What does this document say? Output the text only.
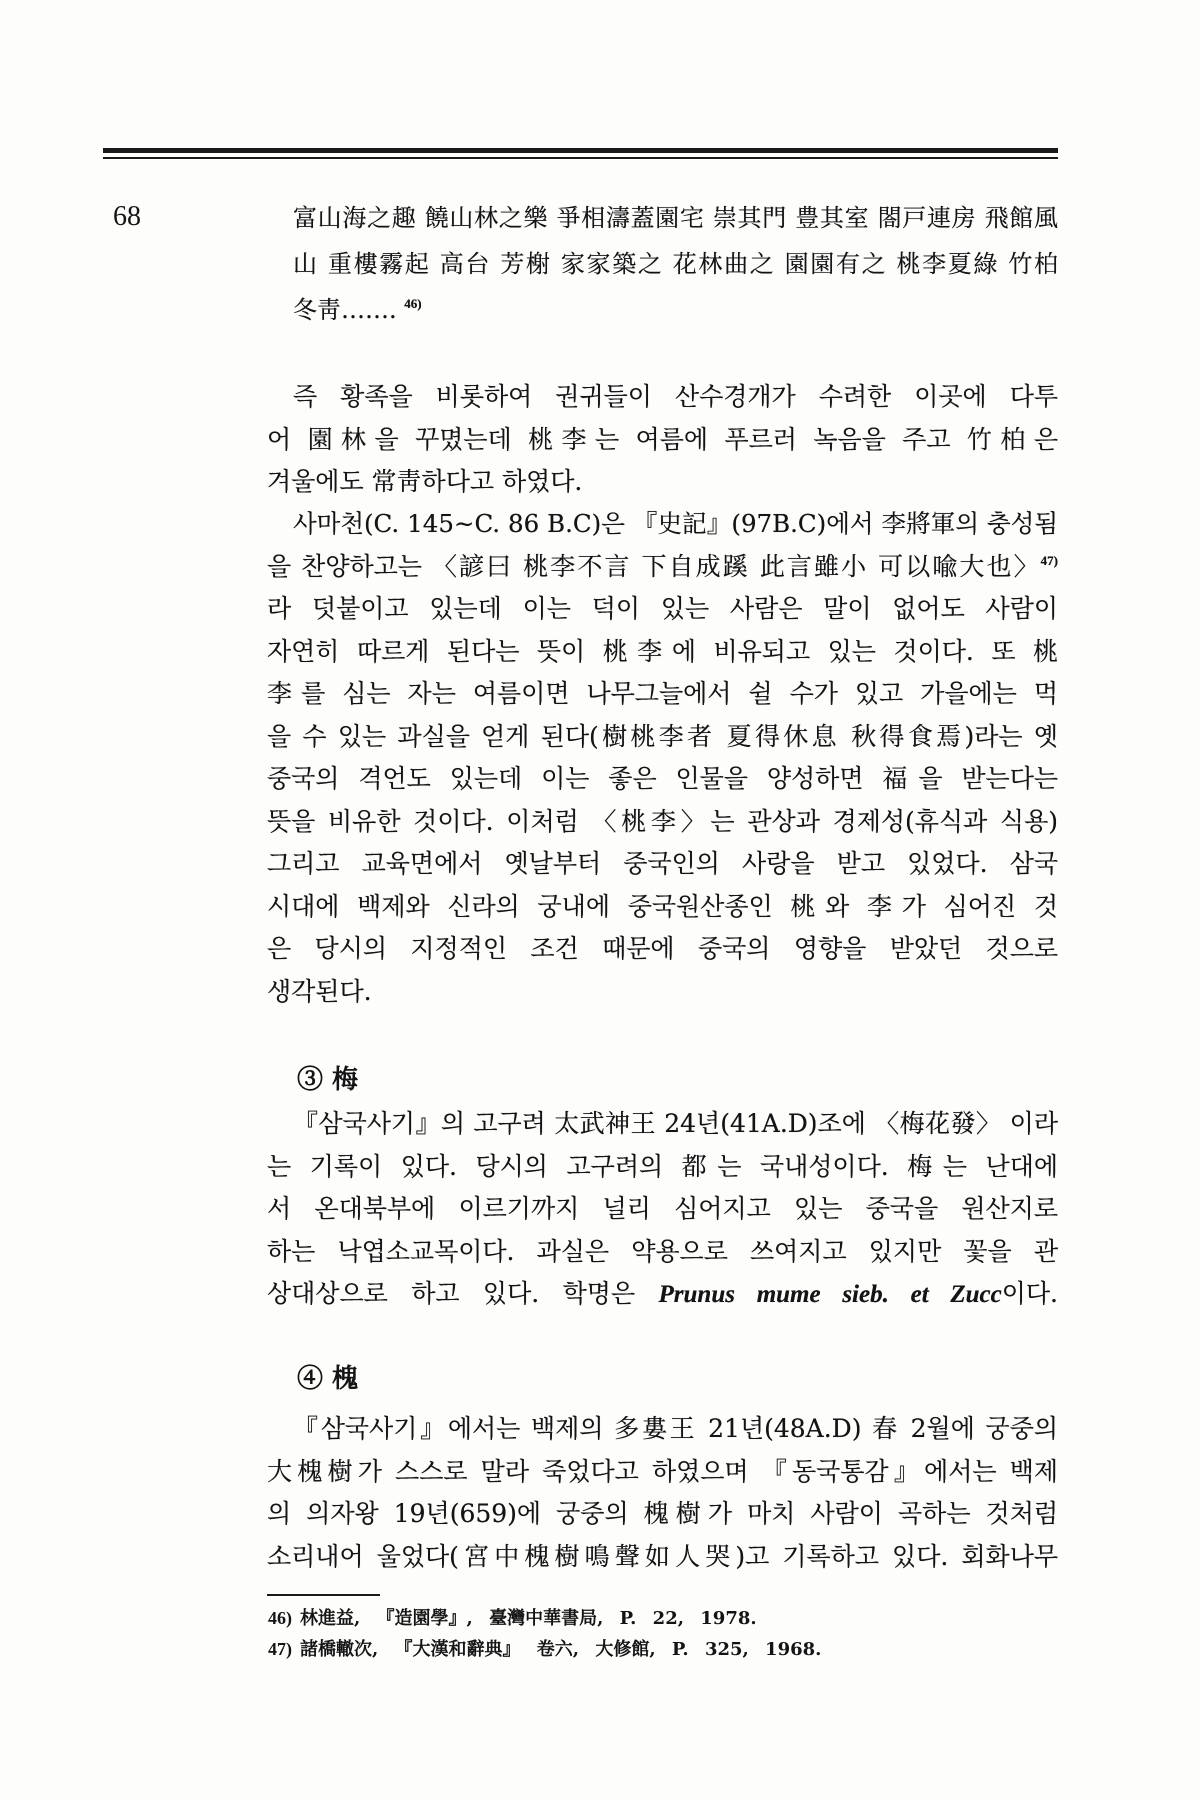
68	富山海之趣 饒山林之樂 爭相濤蓋園宅 崇其門 豊其室 閤戸連房 飛館風
山 重樓霧起 高台 芳榭 家家築之 花林曲之 園園有之 桃李夏綠 竹柏
冬靑……. $^{46)}$
즉 황족을 비롯하여 권귀들이 산수경개가 수려한 이곳에 다투
어 園林을 꾸몄는데 桃李는 여름에 푸르러 녹음을 주고 竹柏은
겨울에도 常靑하다고 하였다.
사마천(C. 145~C. 86 B.C)은 『史記』(97B.C)에서 李將軍의 충성됨
을 찬양하고는 〈諺曰 桃李不言 下自成蹊 此言雖小 可以喩大也〉$^{47)}$
라 덧붙이고 있는데 이는 덕이 있는 사람은 말이 없어도 사람이
자연히 따르게 된다는 뜻이 桃李에 비유되고 있는 것이다. 또 桃
李를 심는 자는 여름이면 나무그늘에서 쉴 수가 있고 가을에는 먹
을 수 있는 과실을 얻게 된다(樹桃李者 夏得休息 秋得食焉)라는 옛
중국의 격언도 있는데 이는 좋은 인물을 양성하면 福을 받는다는
뜻을 비유한 것이다. 이처럼 〈桃李〉는 관상과 경제성(휴식과 식용)
그리고 교육면에서 옛날부터 중국인의 사랑을 받고 있었다. 삼국
시대에 백제와 신라의 궁내에 중국원산종인 桃와 李가 심어진 것
은 당시의 지정적인 조건 때문에 중국의 영향을 받았던 것으로
생각된다.
③ 梅
『삼국사기』의 고구려 太武神王 24년(41A.D)조에 〈梅花發〉 이라
는 기록이 있다. 당시의 고구려의 都는 국내성이다. 梅는 난대에
서 온대북부에 이르기까지 널리 심어지고 있는 중국을 원산지로
하는 낙엽소교목이다. 과실은 약용으로 쓰여지고 있지만 꽃을 관
상대상으로 하고 있다. 학명은 Prunus mume sieb. et Zucc이다.
④ 槐
『삼국사기』에서는 백제의 多婁王 21년(48A.D) 春 2월에 궁중의
大槐樹가 스스로 말라 죽었다고 하였으며 『동국통감』에서는 백제
의 의자왕 19년(659)에 궁중의 槐樹가 마치 사람이 곡하는 것처럼
소리내어 울었다(宮中槐樹鳴聲如人哭)고 기록하고 있다. 회화나무
46) 林進益, 『造園學』, 臺灣中華書局, P. 22, 1978.
47) 諸橋轍次, 『大漢和辭典』 卷六, 大修館, P. 325, 1968.
